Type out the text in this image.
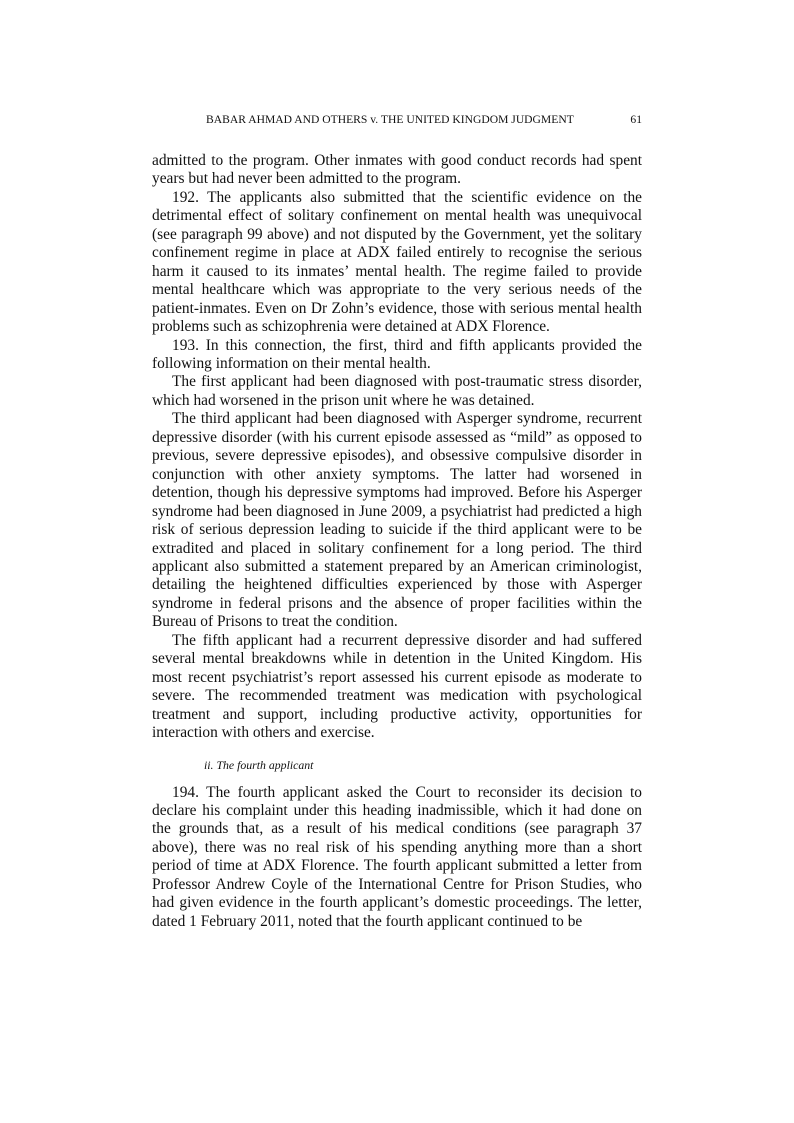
BABAR AHMAD AND OTHERS v. THE UNITED KINGDOM JUDGMENT	61

admitted to the program. Other inmates with good conduct records had spent years but had never been admitted to the program.

192. The applicants also submitted that the scientific evidence on the detrimental effect of solitary confinement on mental health was unequivocal (see paragraph 99 above) and not disputed by the Government, yet the solitary confinement regime in place at ADX failed entirely to recognise the serious harm it caused to its inmates’ mental health. The regime failed to provide mental healthcare which was appropriate to the very serious needs of the patient-inmates. Even on Dr Zohn’s evidence, those with serious mental health problems such as schizophrenia were detained at ADX Florence.

193. In this connection, the first, third and fifth applicants provided the following information on their mental health.

The first applicant had been diagnosed with post-traumatic stress disorder, which had worsened in the prison unit where he was detained.

The third applicant had been diagnosed with Asperger syndrome, recurrent depressive disorder (with his current episode assessed as “mild” as opposed to previous, severe depressive episodes), and obsessive compulsive disorder in conjunction with other anxiety symptoms. The latter had worsened in detention, though his depressive symptoms had improved. Before his Asperger syndrome had been diagnosed in June 2009, a psychiatrist had predicted a high risk of serious depression leading to suicide if the third applicant were to be extradited and placed in solitary confinement for a long period. The third applicant also submitted a statement prepared by an American criminologist, detailing the heightened difficulties experienced by those with Asperger syndrome in federal prisons and the absence of proper facilities within the Bureau of Prisons to treat the condition.

The fifth applicant had a recurrent depressive disorder and had suffered several mental breakdowns while in detention in the United Kingdom. His most recent psychiatrist’s report assessed his current episode as moderate to severe. The recommended treatment was medication with psychological treatment and support, including productive activity, opportunities for interaction with others and exercise.

ii. The fourth applicant

194. The fourth applicant asked the Court to reconsider its decision to declare his complaint under this heading inadmissible, which it had done on the grounds that, as a result of his medical conditions (see paragraph 37 above), there was no real risk of his spending anything more than a short period of time at ADX Florence. The fourth applicant submitted a letter from Professor Andrew Coyle of the International Centre for Prison Studies, who had given evidence in the fourth applicant’s domestic proceedings. The letter, dated 1 February 2011, noted that the fourth applicant continued to be
